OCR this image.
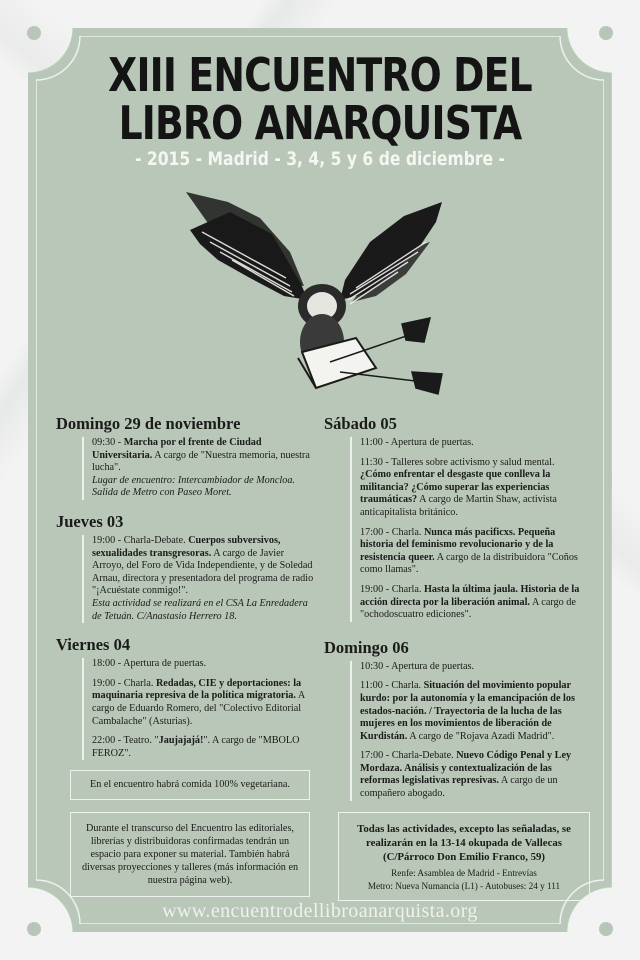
XIII ENCUENTRO DEL
LIBRO ANARQUISTA
- 2015 - Madrid - 3, 4, 5 y 6 de diciembre -
Domingo 29 de noviembre
09:30 - Marcha por el frente de Ciudad Universitaria. A cargo de "Nuestra memoria, nuestra lucha".
Lugar de encuentro: Intercambiador de Moncloa. Salida de Metro con Paseo Moret.
Jueves 03
19:00 - Charla-Debate. Cuerpos subversivos, sexualidades transgresoras. A cargo de Javier Arroyo, del Foro de Vida Independiente, y de Soledad Arnau, directora y presentadora del programa de radio "¡Acuéstate conmigo!".
Esta actividad se realizará en el CSA La Enredadera de Tetuán. C/Anastasio Herrero 18.
Viernes 04
18:00 - Apertura de puertas.
19:00 - Charla. Redadas, CIE y deportaciones: la maquinaria represiva de la política migratoria. A cargo de Eduardo Romero, del "Colectivo Editorial Cambalache" (Asturias).
22:00 - Teatro. "Jaujajajá!". A cargo de "MBOLO FEROZ".
Sábado 05
11:00 - Apertura de puertas.
11:30 - Talleres sobre activismo y salud mental. ¿Cómo enfrentar el desgaste que conlleva la militancia? ¿Cómo superar las experiencias traumáticas? A cargo de Martin Shaw, activista anticapitalista británico.
17:00 - Charla. Nunca más pacificxs. Pequeña historia del feminismo revolucionario y de la resistencia queer. A cargo de la distribuidora "Coños como llamas".
19:00 - Charla. Hasta la última jaula. Historia de la acción directa por la liberación animal. A cargo de "ochodoscuatro ediciones".
Domingo 06
10:30 - Apertura de puertas.
11:00 - Charla. Situación del movimiento popular kurdo: por la autonomía y la emancipación de los estados-nación. / Trayectoria de la lucha de las mujeres en los movimientos de liberación de Kurdistán. A cargo de "Rojava Azadi Madrid".
17:00 - Charla-Debate. Nuevo Código Penal y Ley Mordaza. Análisis y contextualización de las reformas legislativas represivas. A cargo de un compañero abogado.
En el encuentro habrá comida 100% vegetariana.
Durante el transcurso del Encuentro las editoriales, librerías y distribuidoras confirmadas tendrán un espacio para exponer su material. También habrá diversas proyecciones y talleres (más información en nuestra página web).
Todas las actividades, excepto las señaladas, se realizarán en la 13-14 okupada de Vallecas (C/Párroco Don Emilio Franco, 59)
Renfe: Asamblea de Madrid - Entrevías
Metro: Nueva Numancia (L1) - Autobuses: 24 y 111
www.encuentrodellibroanarquista.org
